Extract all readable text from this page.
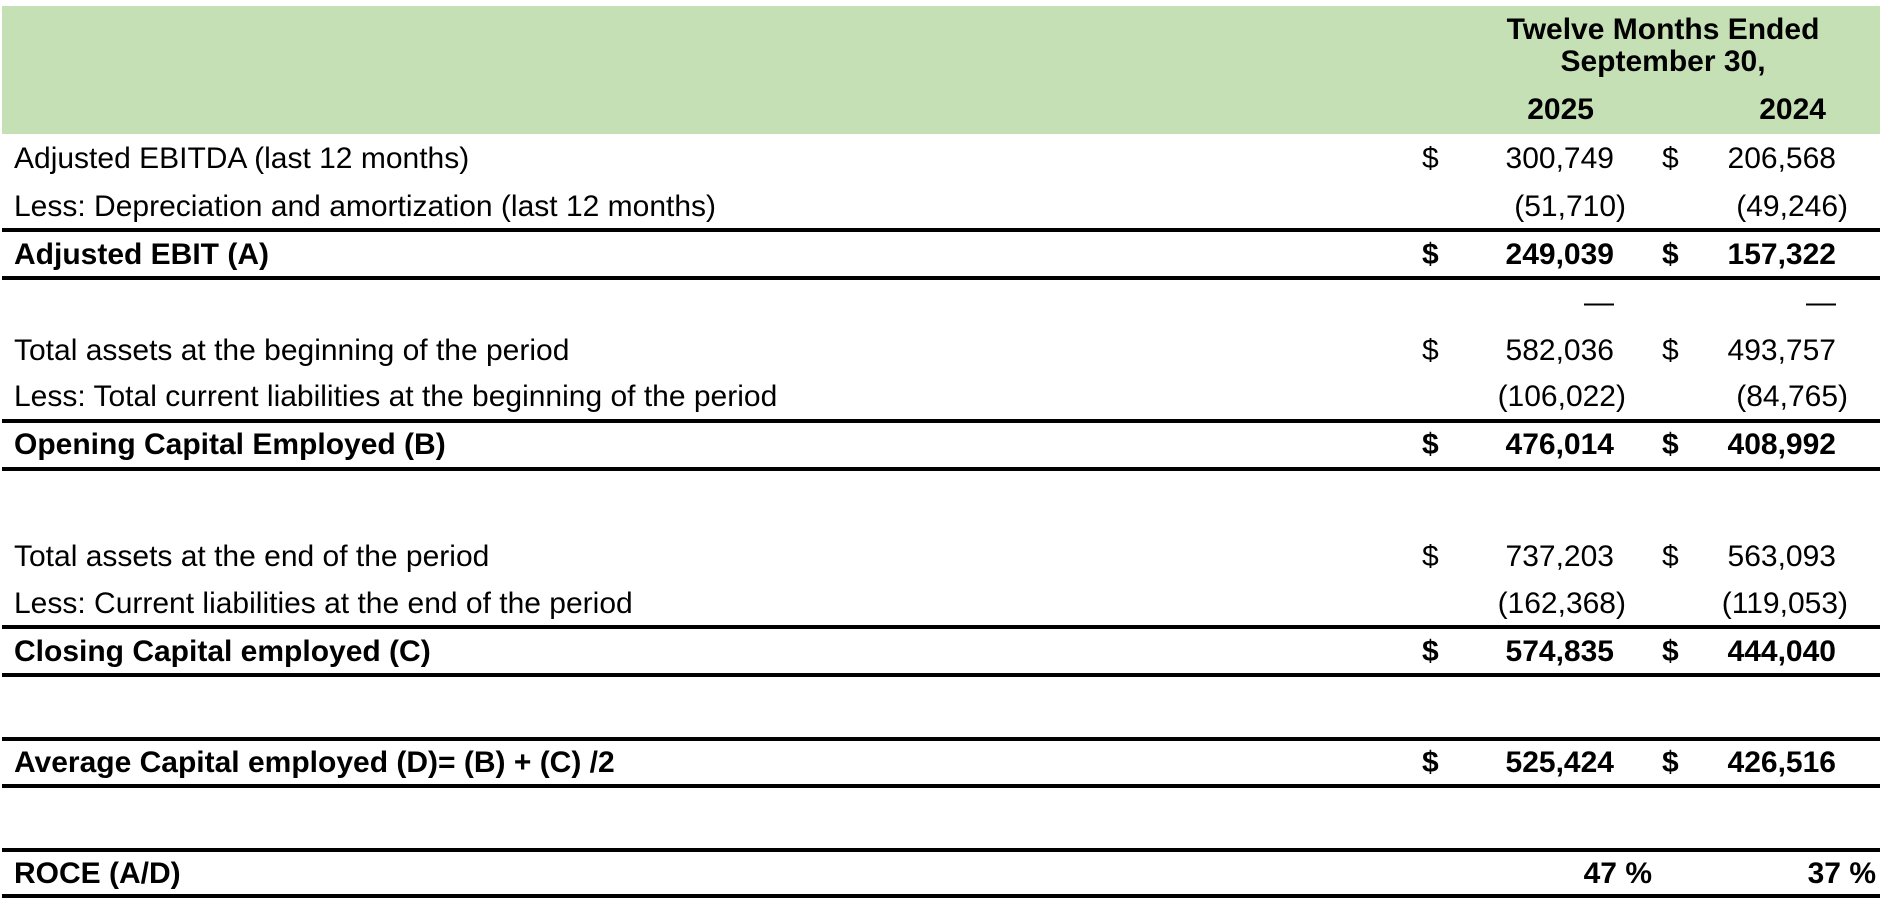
Twelve Months Ended
September 30,
2025	2024
Adjusted EBITDA (last 12 months)	$	300,749 $	206,568
Less: Depreciation and amortization (last 12 months)	(51,710)	(49,246)
Adjusted EBIT (A)	$	249,039 $	157,322
—	—
Total assets at the beginning of the period	$	582,036 $	493,757
Less: Total current liabilities at the beginning of the period	(106,022)	(84,765)
Opening Capital Employed (B)	$	476,014 $	408,992
Total assets at the end of the period	$	737,203 $	563,093
Less: Current liabilities at the end of the period	(162,368)	(119,053)
Closing Capital employed (C)	$	574,835 $	444,040
Average Capital employed (D)= (B) + (C) /2	$	525,424 $	426,516
ROCE (A/D)	47 %	37 %
